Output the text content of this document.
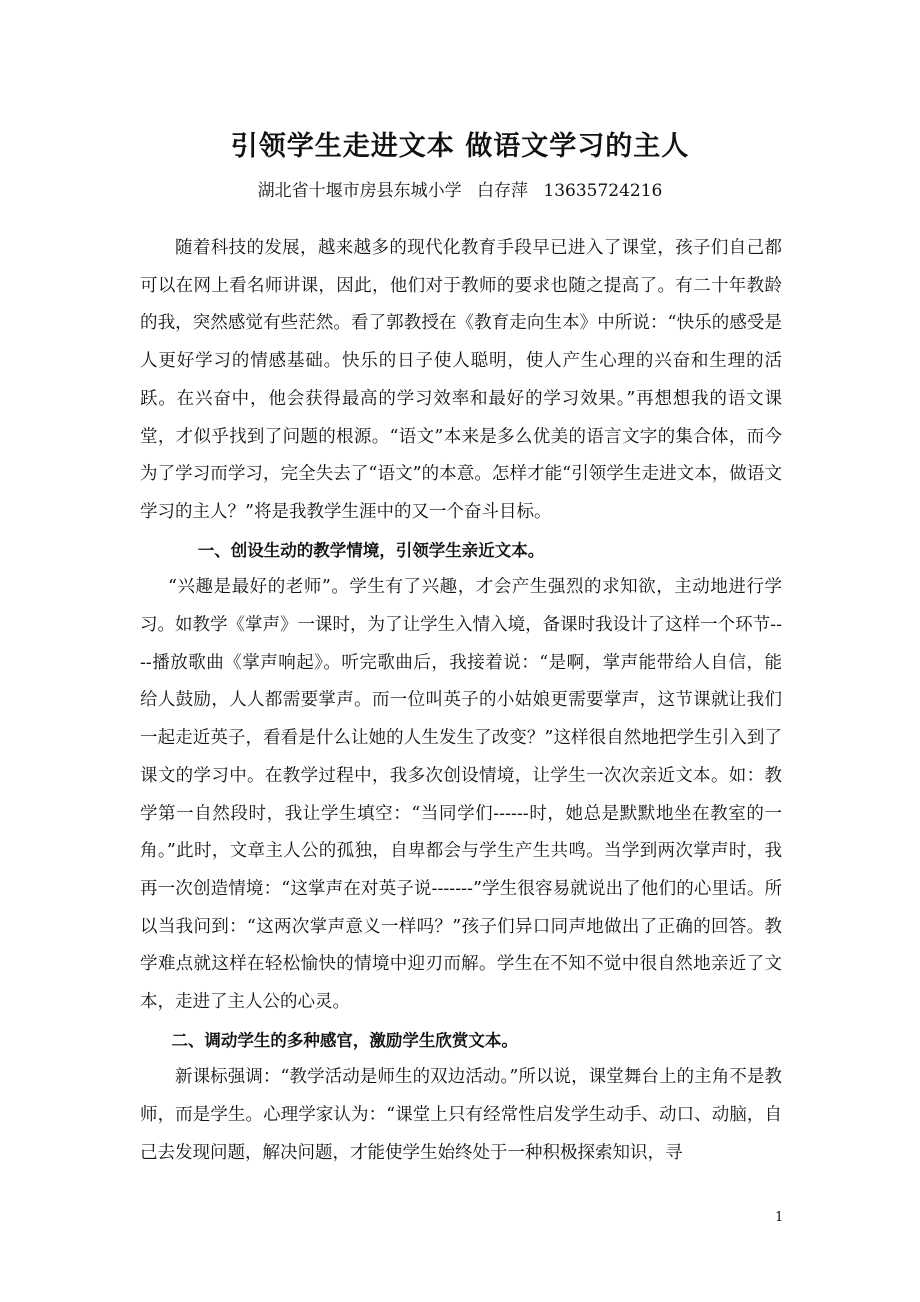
引领学生走进文本 做语文学习的主人
湖北省十堰市房县东城小学 白存萍 13635724216

随着科技的发展，越来越多的现代化教育手段早已进入了课堂，孩子们自己都可以在网上看名师讲课，因此，他们对于教师的要求也随之提高了。有二十年教龄的我，突然感觉有些茫然。看了郭教授在《教育走向生本》中所说：“快乐的感受是人更好学习的情感基础。快乐的日子使人聪明，使人产生心理的兴奋和生理的活跃。在兴奋中，他会获得最高的学习效率和最好的学习效果。”再想想我的语文课堂，才似乎找到了问题的根源。“语文”本来是多么优美的语言文字的集合体，而今为了学习而学习，完全失去了“语文”的本意。怎样才能“引领学生走进文本，做语文学习的主人？”将是我教学生涯中的又一个奋斗目标。

一、创设生动的教学情境，引领学生亲近文本。

“兴趣是最好的老师”。学生有了兴趣，才会产生强烈的求知欲，主动地进行学习。如教学《掌声》一课时，为了让学生入情入境，备课时我设计了这样一个环节----播放歌曲《掌声响起》。听完歌曲后，我接着说：“是啊，掌声能带给人自信，能给人鼓励，人人都需要掌声。而一位叫英子的小姑娘更需要掌声，这节课就让我们一起走近英子，看看是什么让她的人生发生了改变？”这样很自然地把学生引入到了课文的学习中。在教学过程中，我多次创设情境，让学生一次次亲近文本。如：教学第一自然段时，我让学生填空：“当同学们------时，她总是默默地坐在教室的一角。”此时，文章主人公的孤独，自卑都会与学生产生共鸣。当学到两次掌声时，我再一次创造情境：“这掌声在对英子说-------”学生很容易就说出了他们的心里话。所以当我问到：“这两次掌声意义一样吗？”孩子们异口同声地做出了正确的回答。教学难点就这样在轻松愉快的情境中迎刃而解。学生在不知不觉中很自然地亲近了文本，走进了主人公的心灵。

二、调动学生的多种感官，激励学生欣赏文本。

新课标强调：“教学活动是师生的双边活动。”所以说，课堂舞台上的主角不是教师，而是学生。心理学家认为：“课堂上只有经常性启发学生动手、动口、动脑，自己去发现问题，解决问题，才能使学生始终处于一种积极探索知识，寻

1
